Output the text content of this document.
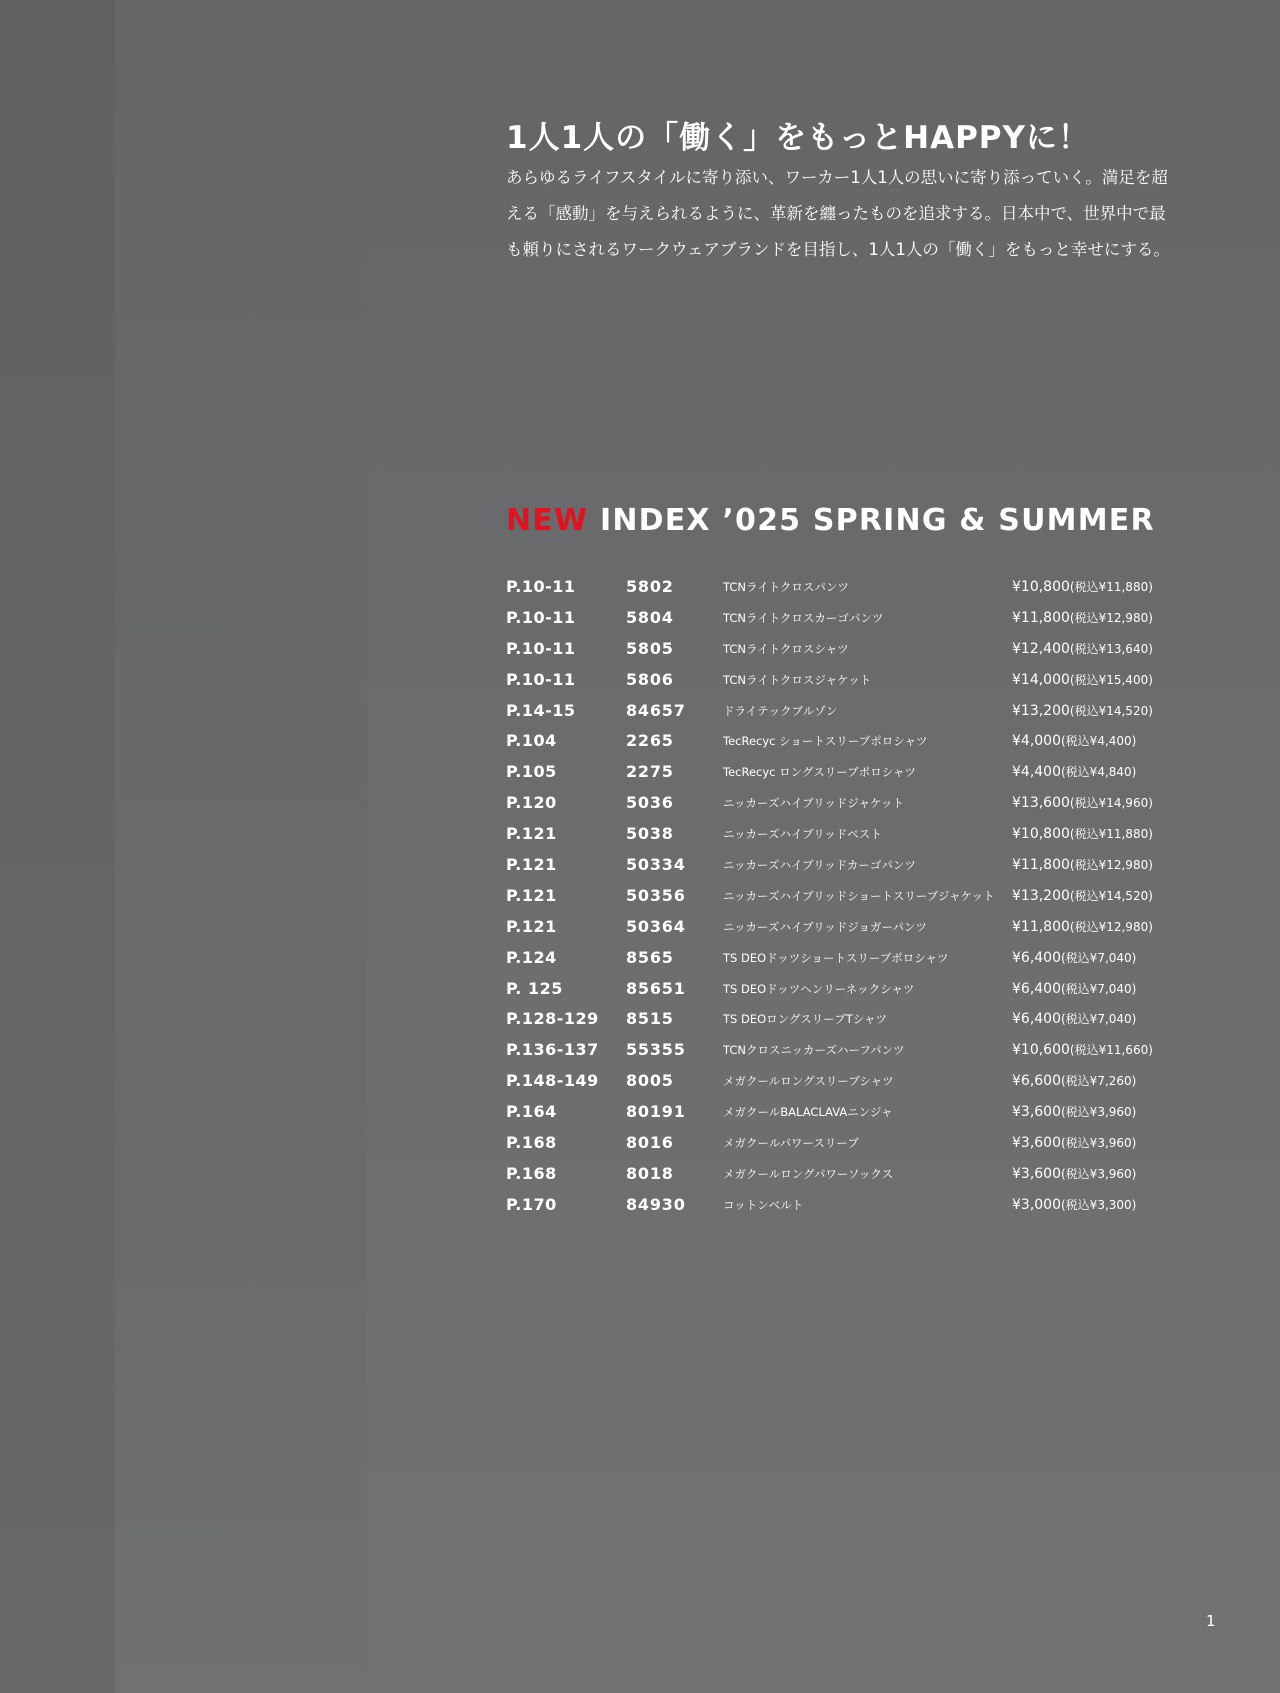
1人1人の「働く」をもっとHAPPYに！

あらゆるライフスタイルに寄り添い、ワーカー1人1人の思いに寄り添っていく。満足を超

える「感動」を与えられるように、革新を纏ったものを追求する。日本中で、世界中で最

も頼りにされるワークウェアブランドを目指し、1人1人の「働く」をもっと幸せにする。

NEW INDEX ’025 SPRING & SUMMER
P.10-11	5802	TCNライトクロスパンツ	¥10,800(税込¥11,880)
P.10-11	5804	TCNライトクロスカーゴパンツ	¥11,800(税込¥12,980)
P.10-11	5805	TCNライトクロスシャツ	¥12,400(税込¥13,640)
P.10-11	5806	TCNライトクロスジャケット	¥14,000(税込¥15,400)
P.14-15	84657	ドライテックブルゾン	¥13,200(税込¥14,520)
P.104	2265	TecRecyc ショートスリーブポロシャツ	¥4,000(税込¥4,400)
P.105	2275	TecRecyc ロングスリーブポロシャツ	¥4,400(税込¥4,840)
P.120	5036	ニッカーズハイブリッドジャケット	¥13,600(税込¥14,960)
P.121	5038	ニッカーズハイブリッドベスト	¥10,800(税込¥11,880)
P.121	50334	ニッカーズハイブリッドカーゴパンツ	¥11,800(税込¥12,980)
P.121	50356	ニッカーズハイブリッドショートスリーブジャケット ¥13,200(税込¥14,520)
P.121	50364	ニッカーズハイブリッドジョガーパンツ	¥11,800(税込¥12,980)
P.124	8565	TS DEOドッツショートスリーブポロシャツ	¥6,400(税込¥7,040)
P. 125	85651	TS DEOドッツヘンリーネックシャツ	¥6,400(税込¥7,040)
P.128-129 8515	TS DEOロングスリーブTシャツ	¥6,400(税込¥7,040)
P.136-137 55355	TCNクロスニッカーズハーフパンツ	¥10,600(税込¥11,660)
P.148-149 8005	メガクールロングスリーブシャツ	¥6,600(税込¥7,260)
P.164	80191	メガクールBALACLAVAニンジャ	¥3,600(税込¥3,960)
P.168	8016	メガクールパワースリーブ	¥3,600(税込¥3,960)
P.168	8018	メガクールロングパワーソックス	¥3,600(税込¥3,960)
P.170	84930	コットンベルト	¥3,000(税込¥3,300)

1
